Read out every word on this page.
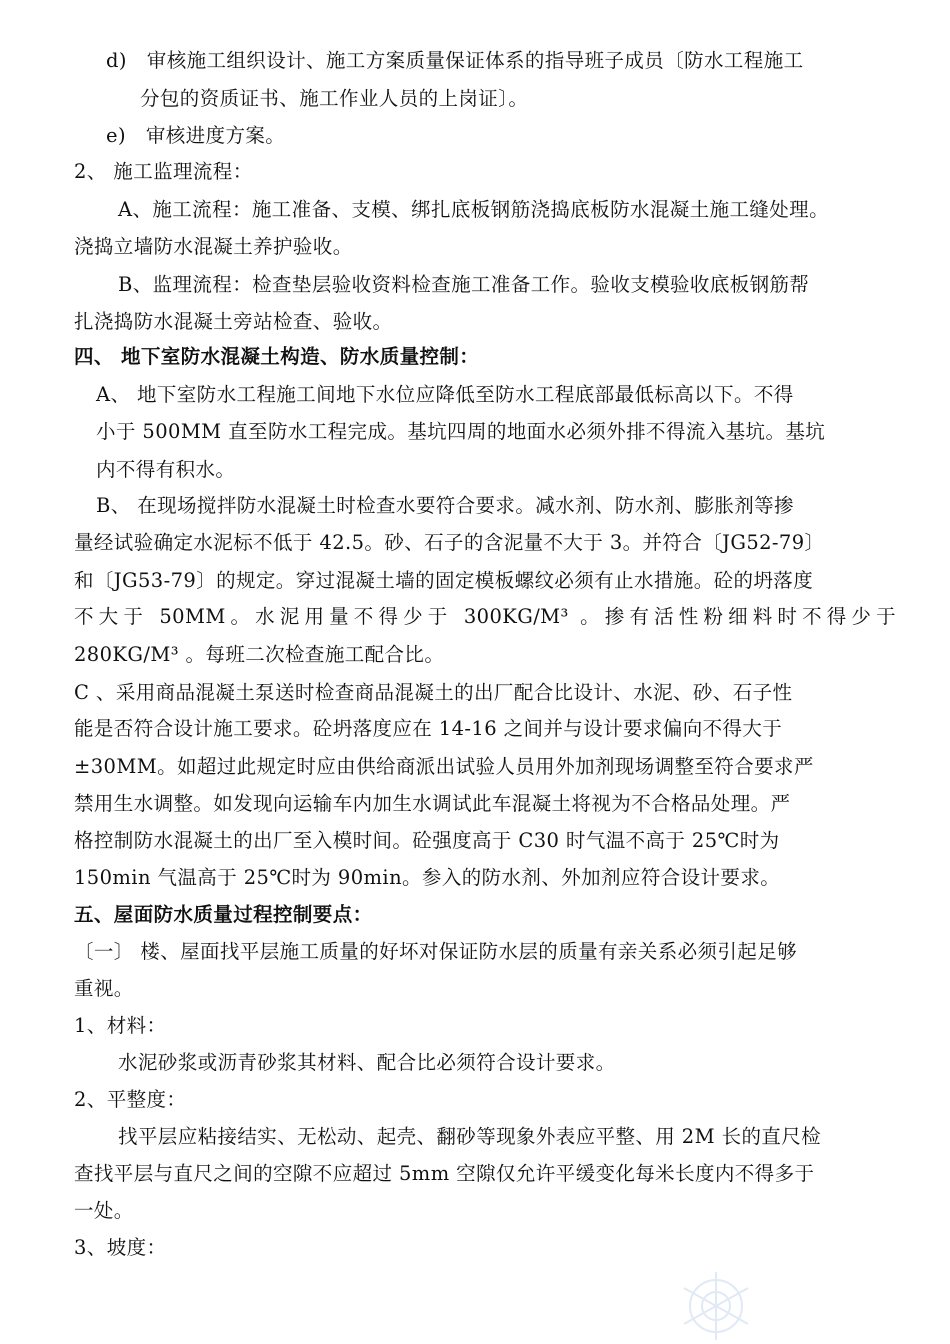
d)　审核施工组织设计、施工方案质量保证体系的指导班子成员〔防水工程施工
分包的资质证书、施工作业人员的上岗证〕。
e)　审核进度方案。
2、 施工监理流程：
A、施工流程：施工准备、支模、绑扎底板钢筋浇捣底板防水混凝土施工缝处理。
浇捣立墙防水混凝土养护验收。
B、监理流程：检查垫层验收资料检查施工准备工作。验收支模验收底板钢筋帮
扎浇捣防水混凝土旁站检查、验收。
四、 地下室防水混凝土构造、防水质量控制：
A、 地下室防水工程施工间地下水位应降低至防水工程底部最低标高以下。不得
小于 500MM 直至防水工程完成。基坑四周的地面水必须外排不得流入基坑。基坑
内不得有积水。
B、 在现场搅拌防水混凝土时检查水要符合要求。减水剂、防水剂、膨胀剂等掺
量经试验确定水泥标不低于 42.5。砂、石子的含泥量不大于 3。并符合〔JG52-79〕
和〔JG53-79〕的规定。穿过混凝土墙的固定模板螺纹必须有止水措施。砼的坍落度
不大于 50MM。水泥用量不得少于 300KG/M³ 。掺有活性粉细料时不得少于
280KG/M³ 。每班二次检查施工配合比。
C 、采用商品混凝土泵送时检查商品混凝土的出厂配合比设计、水泥、砂、石子性
能是否符合设计施工要求。砼坍落度应在 14-16 之间并与设计要求偏向不得大于
±30MM。如超过此规定时应由供给商派出试验人员用外加剂现场调整至符合要求严
禁用生水调整。如发现向运输车内加生水调试此车混凝土将视为不合格品处理。严
格控制防水混凝土的出厂至入模时间。砼强度高于 C30 时气温不高于 25℃时为
150min 气温高于 25℃时为 90min。参入的防水剂、外加剂应符合设计要求。
五、屋面防水质量过程控制要点：
〔一〕 楼、屋面找平层施工质量的好坏对保证防水层的质量有亲关系必须引起足够
重视。
1、材料：
水泥砂浆或沥青砂浆其材料、配合比必须符合设计要求。
2、平整度：
找平层应粘接结实、无松动、起壳、翻砂等现象外表应平整、用 2M 长的直尺检
查找平层与直尺之间的空隙不应超过 5mm 空隙仅允许平缓变化每米长度内不得多于
一处。
3、坡度：
